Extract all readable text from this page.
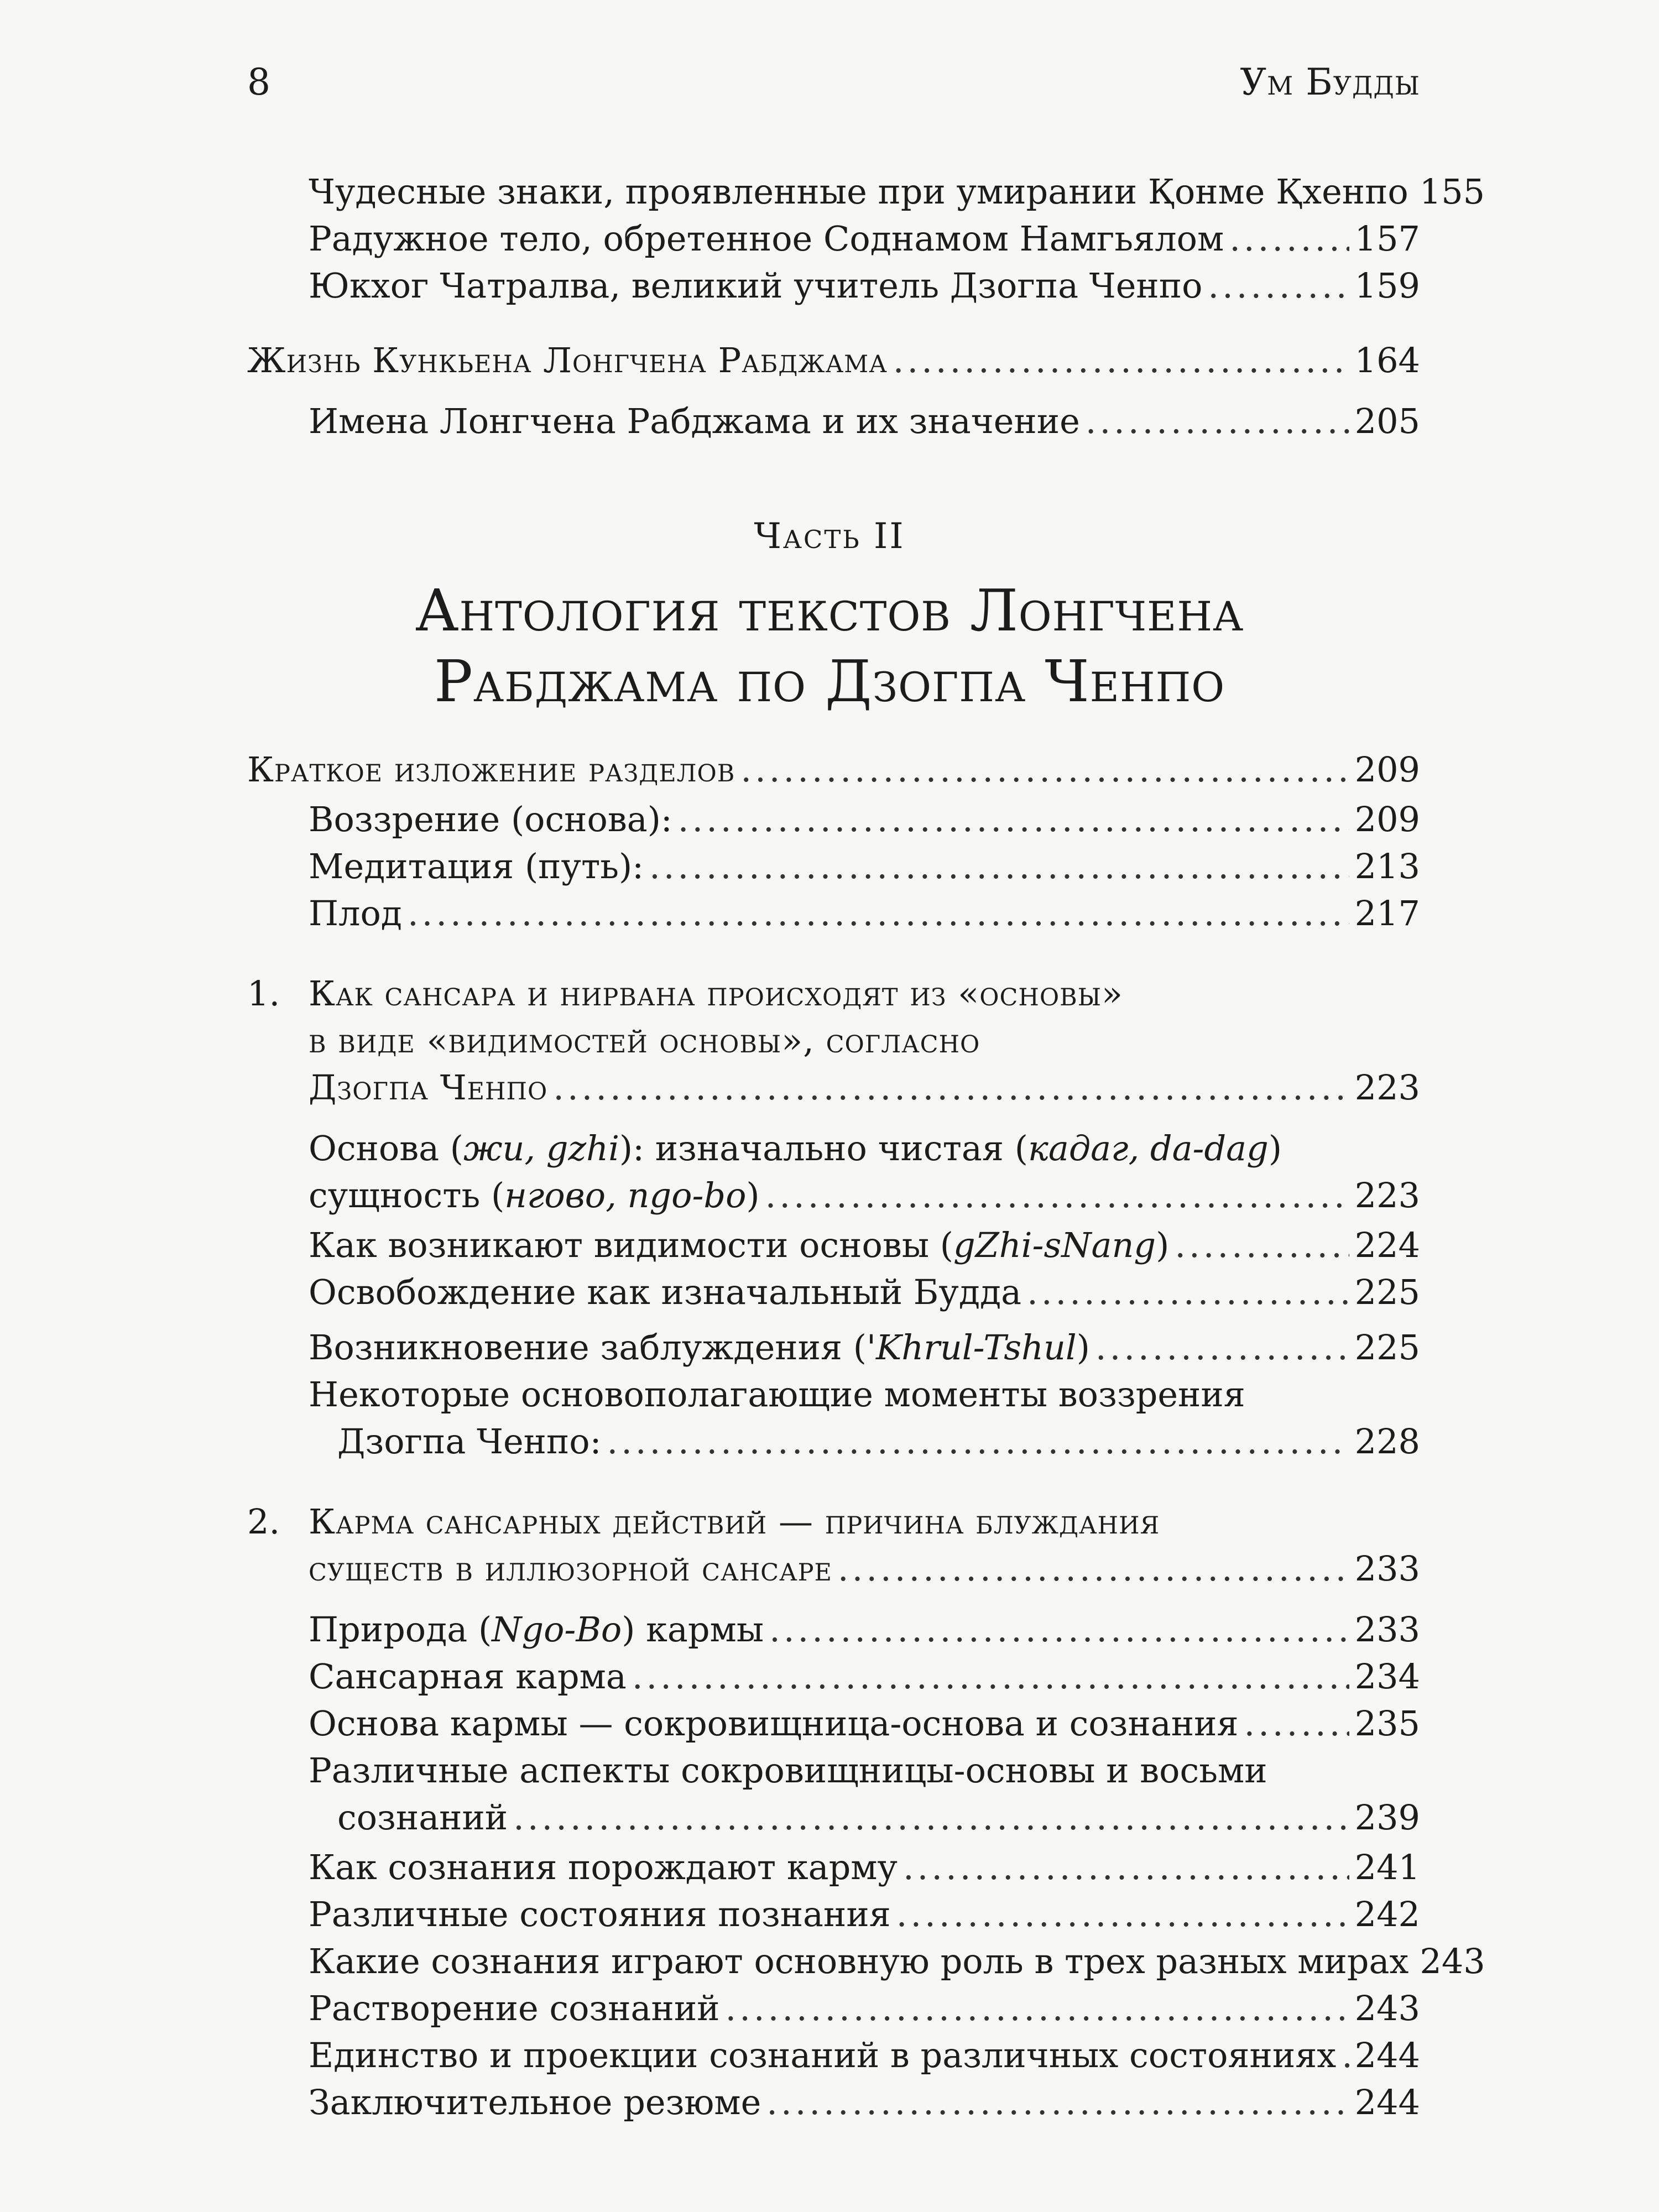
8	Ум Будды
Чудесные знаки, проявленные при умирании Қонме Қхенпо 155
Радужное тело, обретенное Соднамом Намгьялом .....	157
Юкхог Чатралва, великий учитель Дзогпа Ченпо .....	159
Жизнь Кункьена Лонгчена Рабджама .....	164
Имена Лонгчена Рабджама и их значение .....	205
Часть II
Антология текстов Лонгчена
Рабджама по Дзогпа Ченпо
Краткое изложение разделов .....	209
Воззрение (основа): .....	209
Медитация (путь): .....	213
Плод .....	217
1. Как сансара и нирвана происходят из «основы»
в виде «видимостей основы», согласно
Дзогпа Ченпо .....	223
Основа (жи, gzhi): изначально чистая (кадаг, da-dag)
сущность (нгово, ngo-bo) .....	223
Как возникают видимости основы (gZhi-sNang) .....	224
Освобождение как изначальный Будда .....	225
Возникновение заблуждения ('Khrul-Tshul) .....	225
Некоторые основополагающие моменты воззрения
Дзогпа Ченпо: .....	228
2. Карма сансарных действий — причина блуждания
существ в иллюзорной сансаре .....	233
Природа (Ngo-Bo) кармы .....	233
Сансарная карма .....	234
Основа кармы — сокровищница-основа и сознания .....	235
Различные аспекты сокровищницы-основы и восьми
сознаний .....	239
Как сознания порождают карму .....	241
Различные состояния познания .....	242
Какие сознания играют основную роль в трех разных мирах 243
Растворение сознаний .....	243
Единство и проекции сознаний в различных состояниях ..... 244
Заключительное резюме .....	244
